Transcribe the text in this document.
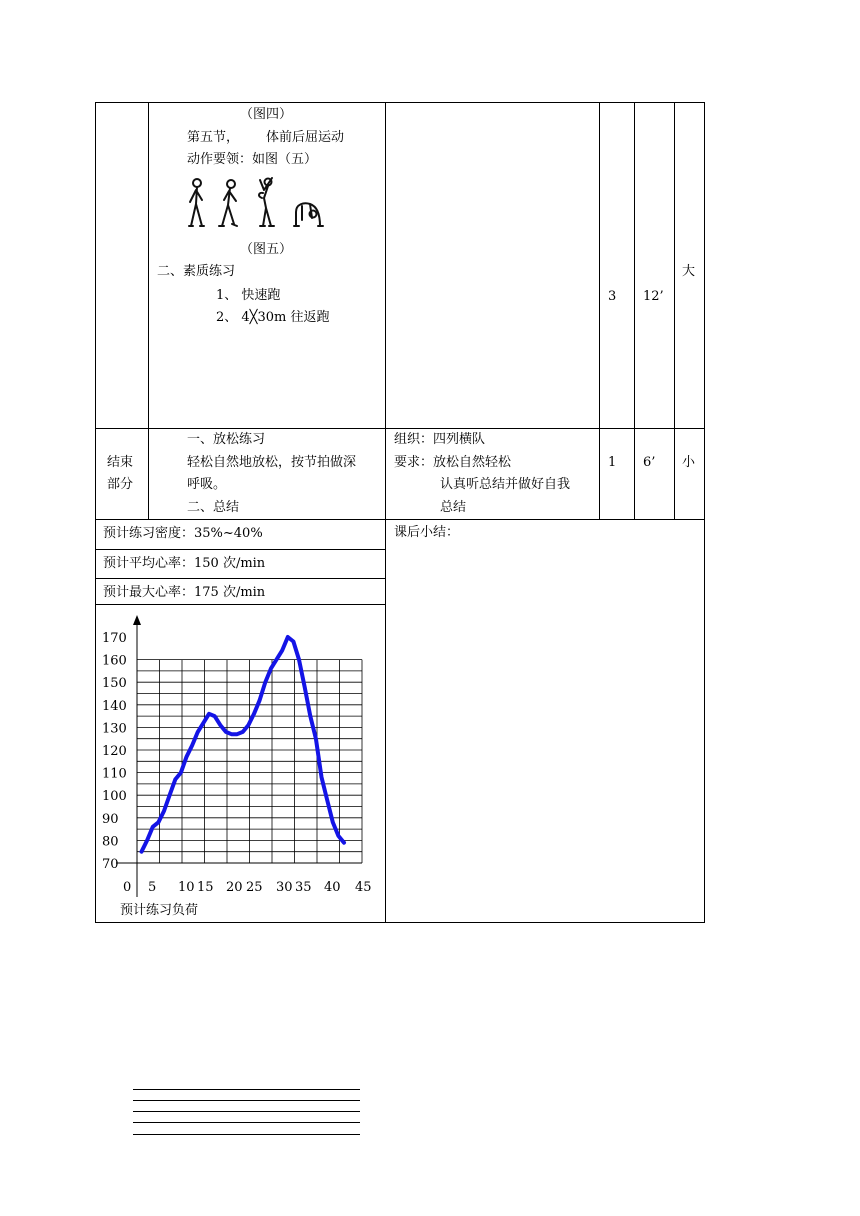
（图四）
第五节， 体前后屈运动
动作要领：如图（五）
（图五）
二、素质练习
1、 快速跑
2、 4╳30m 往返跑
3 12’
大
结束
部分
一、放松练习
轻松自然地放松，按节拍做深
呼吸。
二、总结
组织：四列横队
要求：放松自然轻松
认真听总结并做好自我
总结
1 6’ 小
预计练习密度：35%~40%
预计平均心率：150 次/min
预计最大心率：175 次/min
课后小结：
70
80
90
100
110
120
130
140
150
160
170
0 5 10 15 20 25 30 35 40 45
预计练习负荷
